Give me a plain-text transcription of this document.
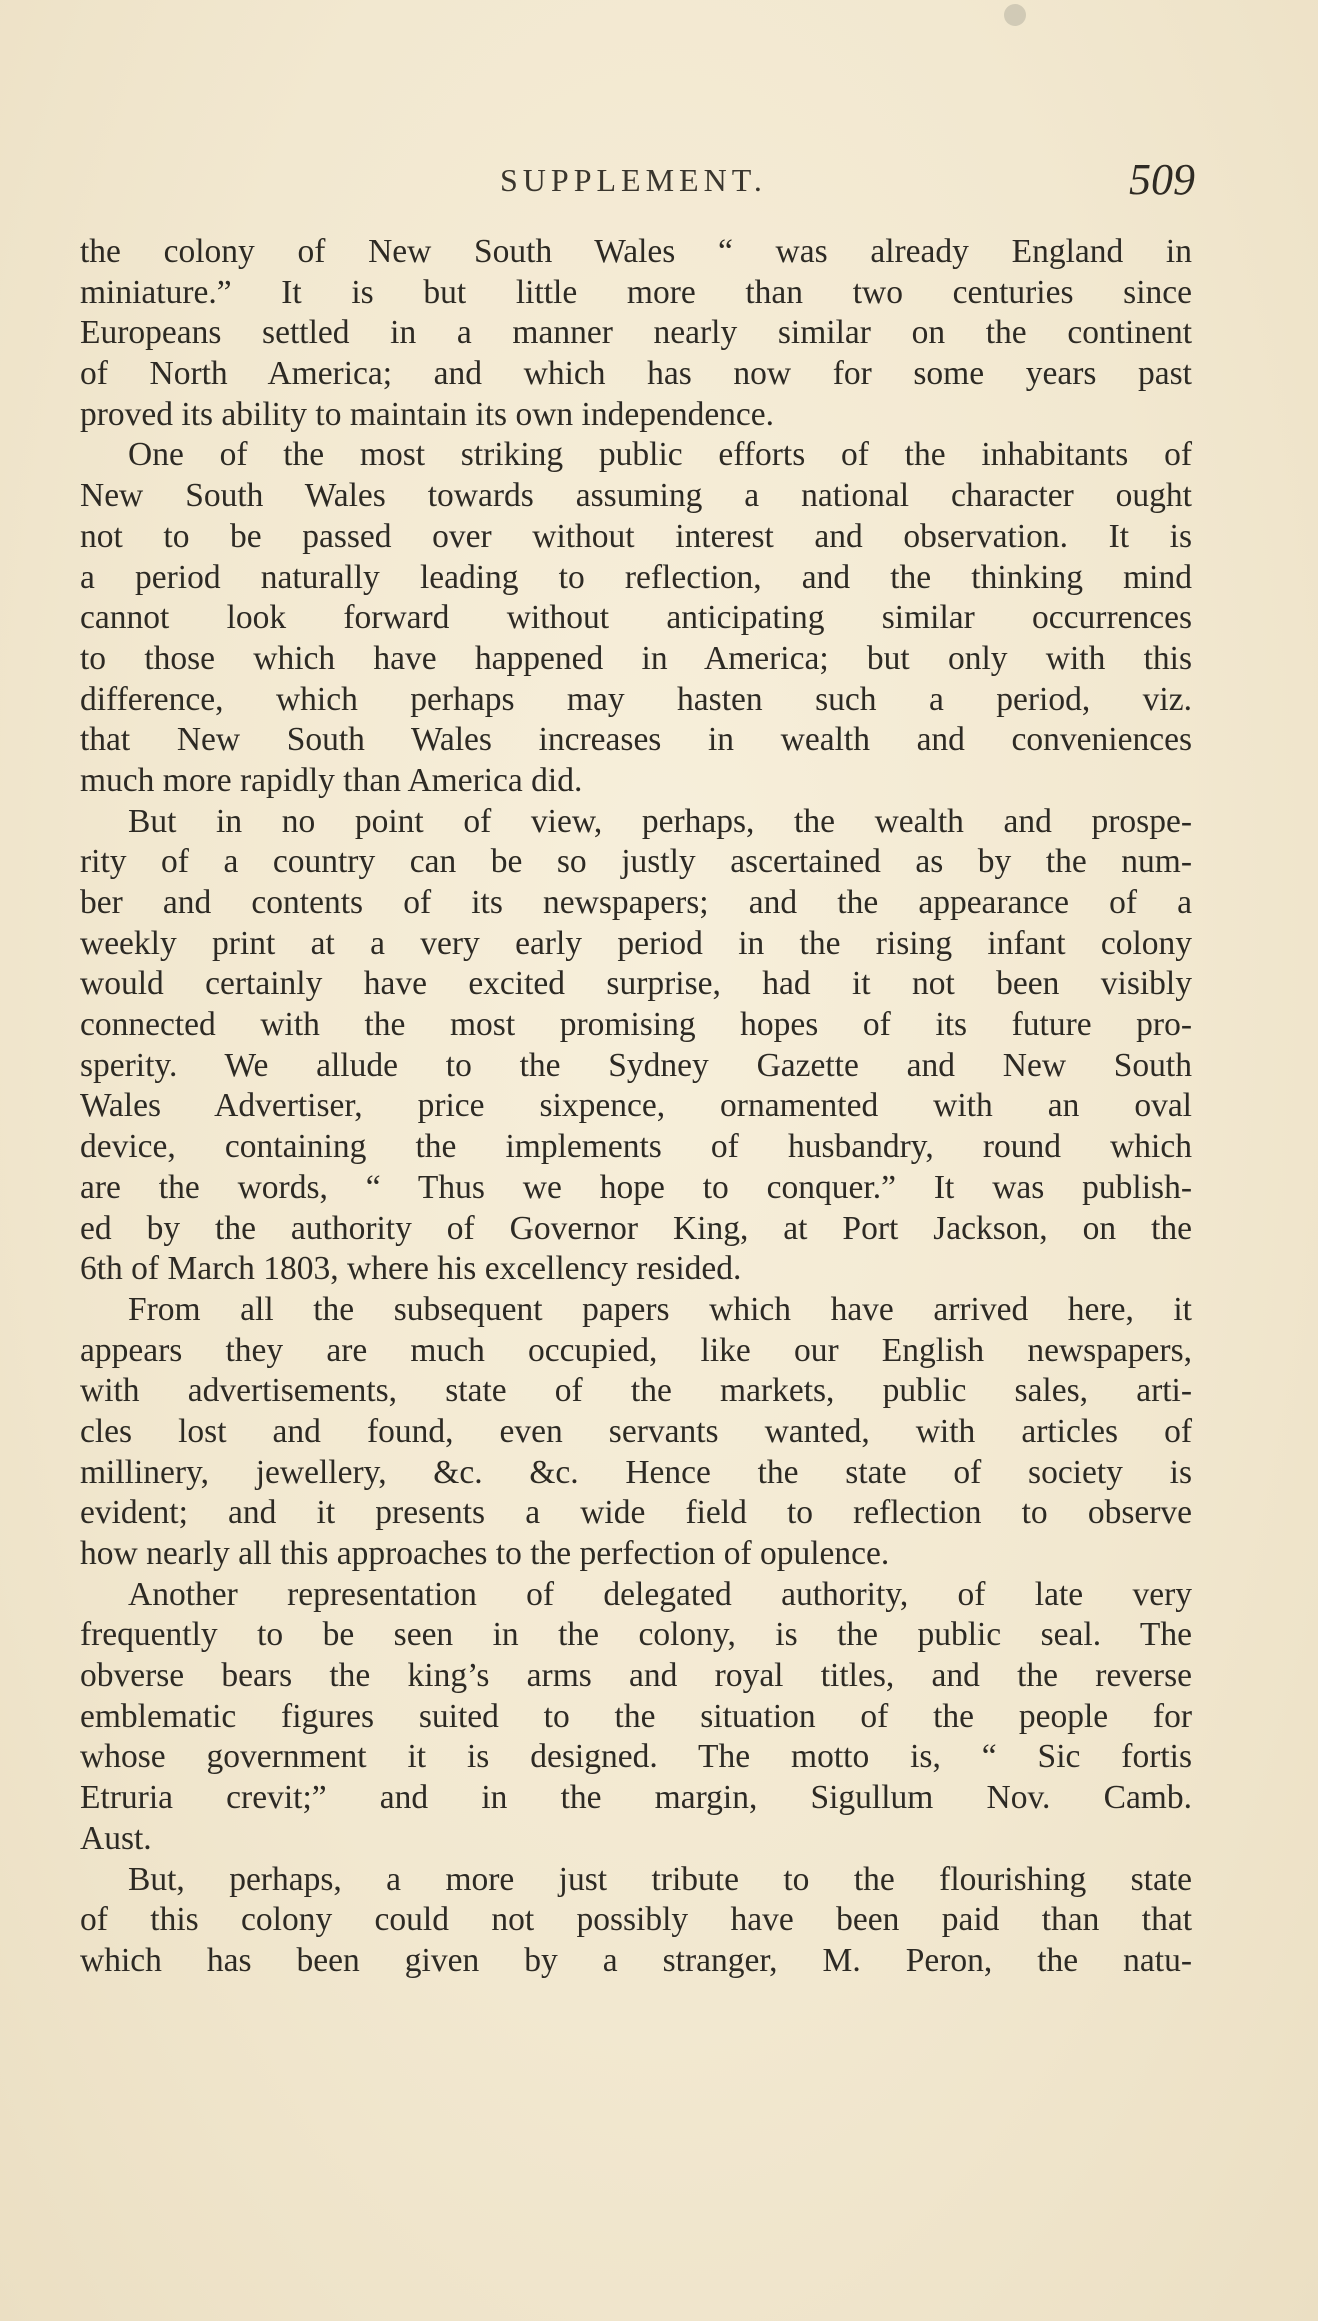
SUPPLEMENT.	509
the colony of New South Wales “ was already England in
miniature.” It is but little more than two centuries since
Europeans settled in a manner nearly similar on the continent
of North America; and which has now for some years past
proved its ability to maintain its own independence.
One of the most striking public efforts of the inhabitants of
New South Wales towards assuming a national character ought
not to be passed over without interest and observation. It is
a period naturally leading to reflection, and the thinking mind
cannot look forward without anticipating similar occurrences
to those which have happened in America; but only with this
difference, which perhaps may hasten such a period, viz.
that New South Wales increases in wealth and conveniences
much more rapidly than America did.
But in no point of view, perhaps, the wealth and prospe-
rity of a country can be so justly ascertained as by the num-
ber and contents of its newspapers; and the appearance of a
weekly print at a very early period in the rising infant colony
would certainly have excited surprise, had it not been visibly
connected with the most promising hopes of its future pro-
sperity. We allude to the Sydney Gazette and New South
Wales Advertiser, price sixpence, ornamented with an oval
device, containing the implements of husbandry, round which
are the words, “ Thus we hope to conquer.” It was publish-
ed by the authority of Governor King, at Port Jackson, on the
6th of March 1803, where his excellency resided.
From all the subsequent papers which have arrived here, it
appears they are much occupied, like our English newspapers,
with advertisements, state of the markets, public sales, arti-
cles lost and found, even servants wanted, with articles of
millinery, jewellery, &c. &c. Hence the state of society is
evident; and it presents a wide field to reflection to observe
how nearly all this approaches to the perfection of opulence.
Another representation of delegated authority, of late very
frequently to be seen in the colony, is the public seal. The
obverse bears the king’s arms and royal titles, and the reverse
emblematic figures suited to the situation of the people for
whose government it is designed. The motto is, “ Sic fortis
Etruria crevit;” and in the margin, Sigullum Nov. Camb.
Aust.
But, perhaps, a more just tribute to the flourishing state
of this colony could not possibly have been paid than that
which has been given by a stranger, M. Peron, the natu-
